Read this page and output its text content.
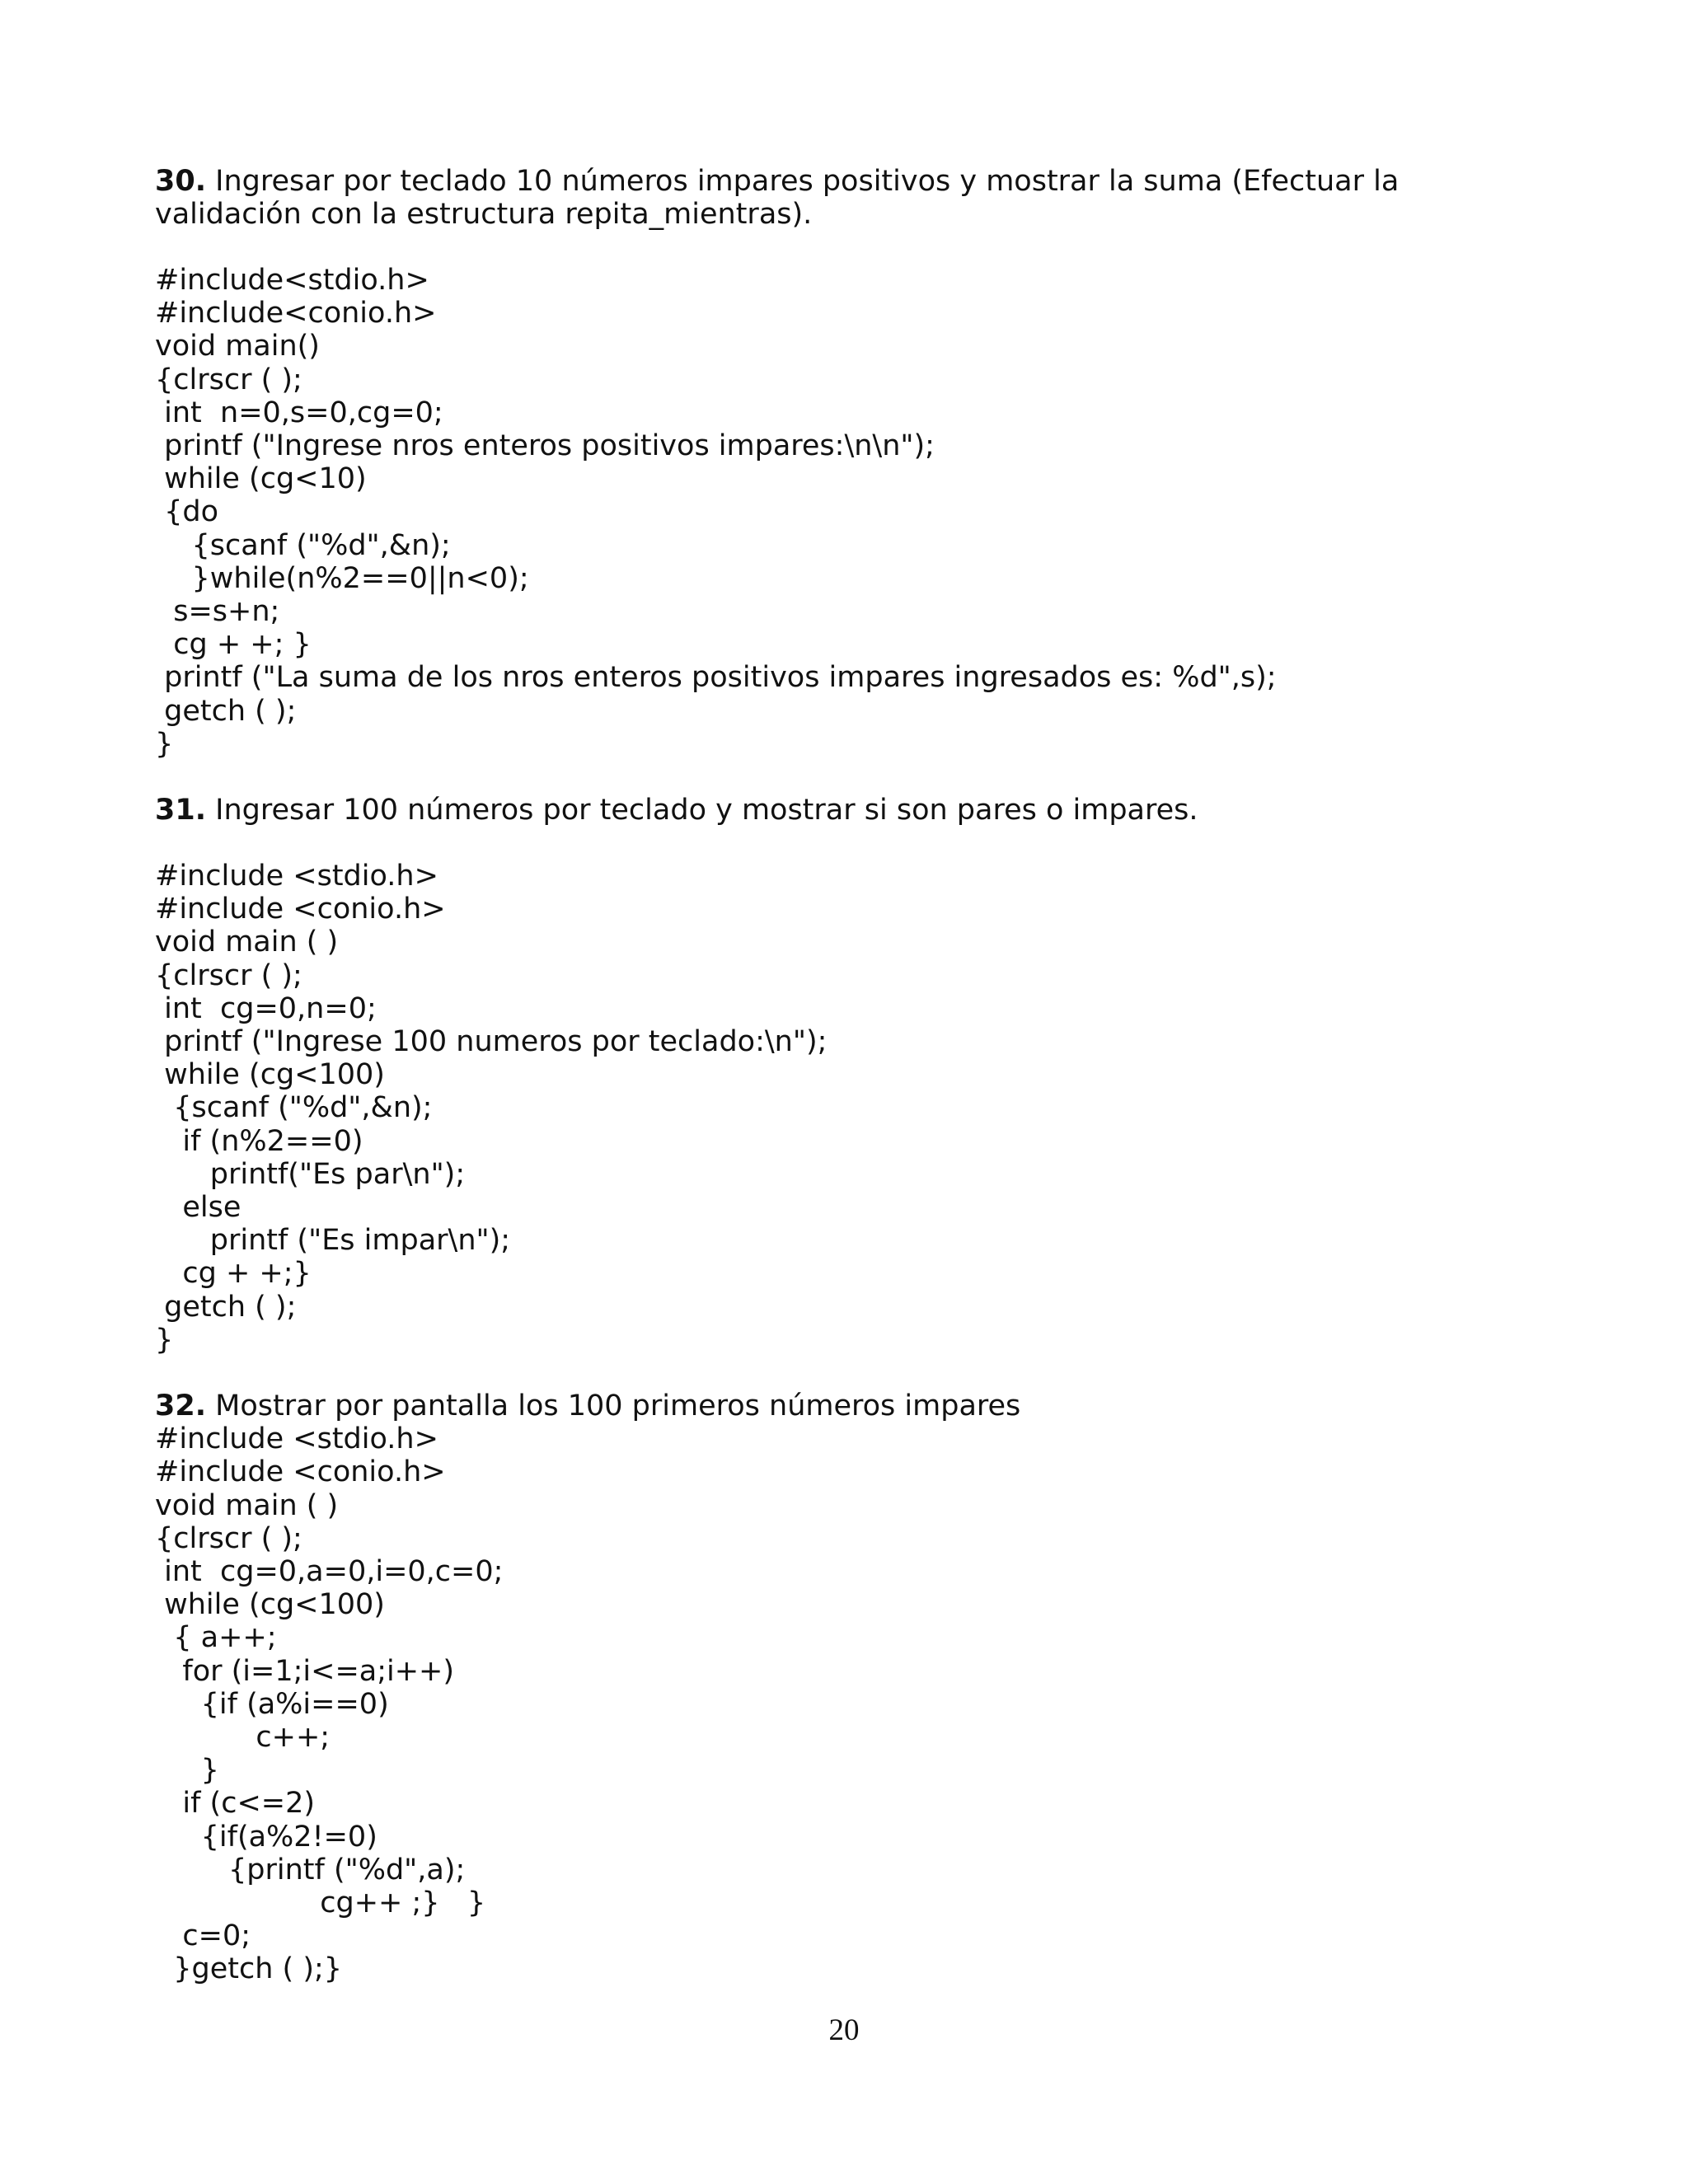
30. Ingresar por teclado 10 números impares positivos y mostrar la suma (Efectuar la validación con la estructura repita_mientras).

#include<stdio.h>
#include<conio.h>
void main()
{clrscr ( );
int  n=0,s=0,cg=0;
printf ("Ingrese nros enteros positivos impares:\n\n");
while (cg<10)
{do
{scanf ("%d",&n);
}while(n%2==0||n<0);
s=s+n;
cg + +; }
printf ("La suma de los nros enteros positivos impares ingresados es: %d",s);
getch ( );
}

31. Ingresar 100 números por teclado y mostrar si son pares o impares.

#include <stdio.h>
#include <conio.h>
void main ( )
{clrscr ( );
int  cg=0,n=0;
printf ("Ingrese 100 numeros por teclado:\n");
while (cg<100)
{scanf ("%d",&n);
if (n%2==0)
printf("Es par\n");
else
printf ("Es impar\n");
cg + +;}
getch ( );
}

32. Mostrar por pantalla los 100 primeros números impares

#include <stdio.h>
#include <conio.h>
void main ( )
{clrscr ( );
int  cg=0,a=0,i=0,c=0;
while (cg<100)
{ a++;
for (i=1;i<=a;i++)
{if (a%i==0)
c++;
}
if (c<=2)
{if(a%2!=0)
{printf ("%d",a);
cg++ ;}   }
c=0;
}getch ( );}
20
